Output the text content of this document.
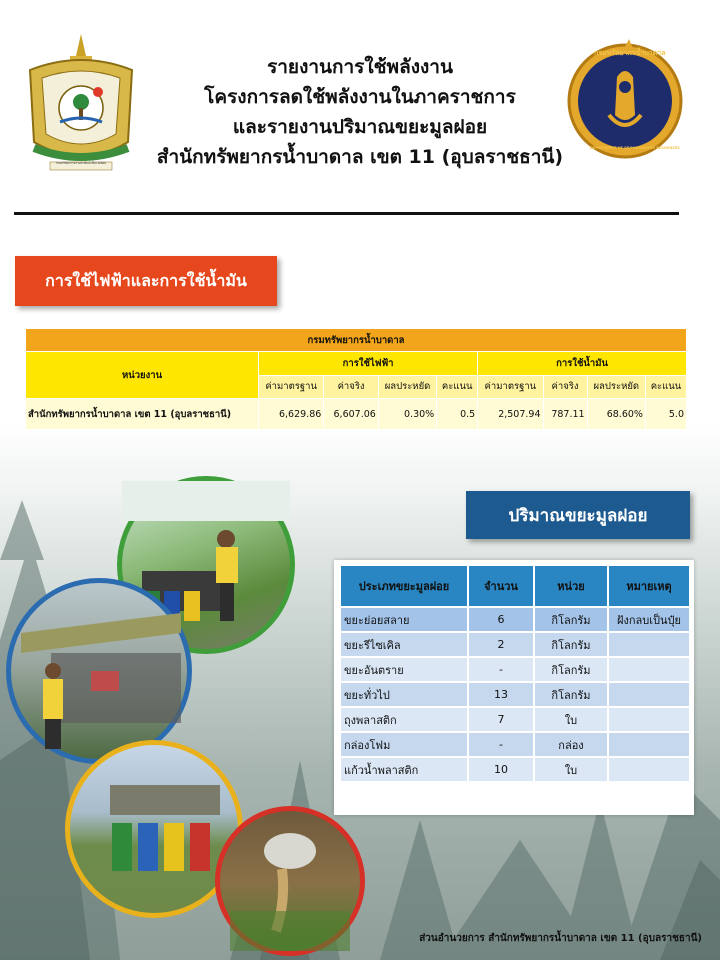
กรมทรัพยากรธรรมชาติและสิ่งแวดล้อม
กรมทรัพยากรน้ำบาดาล
DEPARTMENT OF GROUNDWATER RESOURCES
รายงานการใช้พลังงาน
โครงการลดใช้พลังงานในภาคราชการ
และรายงานปริมาณขยะมูลฝอย
สำนักทรัพยากรน้ำบาดาล เขต 11 (อุบลราชธานี)
การใช้ไฟฟ้าและการใช้น้ำมัน
กรมทรัพยากรน้ำบาดาล								
หน่วยงาน	การใช้ไฟฟ้า				การใช้น้ำมัน			
	ค่ามาตรฐาน	ค่าจริง	ผลประหยัด	คะแนน	ค่ามาตรฐาน	ค่าจริง	ผลประหยัด	คะแนน
สำนักทรัพยากรน้ำบาดาล เขต 11 (อุบลราชธานี)	6,629.86	6,607.06	0.30%	0.5	2,507.94	787.11	68.60%	5.0
ปริมาณขยะมูลฝอย
ประเภทขยะมูลฝอย	จำนวน	หน่วย	หมายเหตุ
ขยะย่อยสลาย	6	กิโลกรัม	ฝังกลบเป็นปุ๋ย
ขยะรีไซเคิล	2	กิโลกรัม	
ขยะอันตราย	-	กิโลกรัม	
ขยะทั่วไป	13	กิโลกรัม	
ถุงพลาสติก	7	ใบ	
กล่องโฟม	-	กล่อง	
แก้วน้ำพลาสติก	10	ใบ	
ส่วนอำนวยการ สำนักทรัพยากรน้ำบาดาล เขต 11 (อุบลราชธานี)
